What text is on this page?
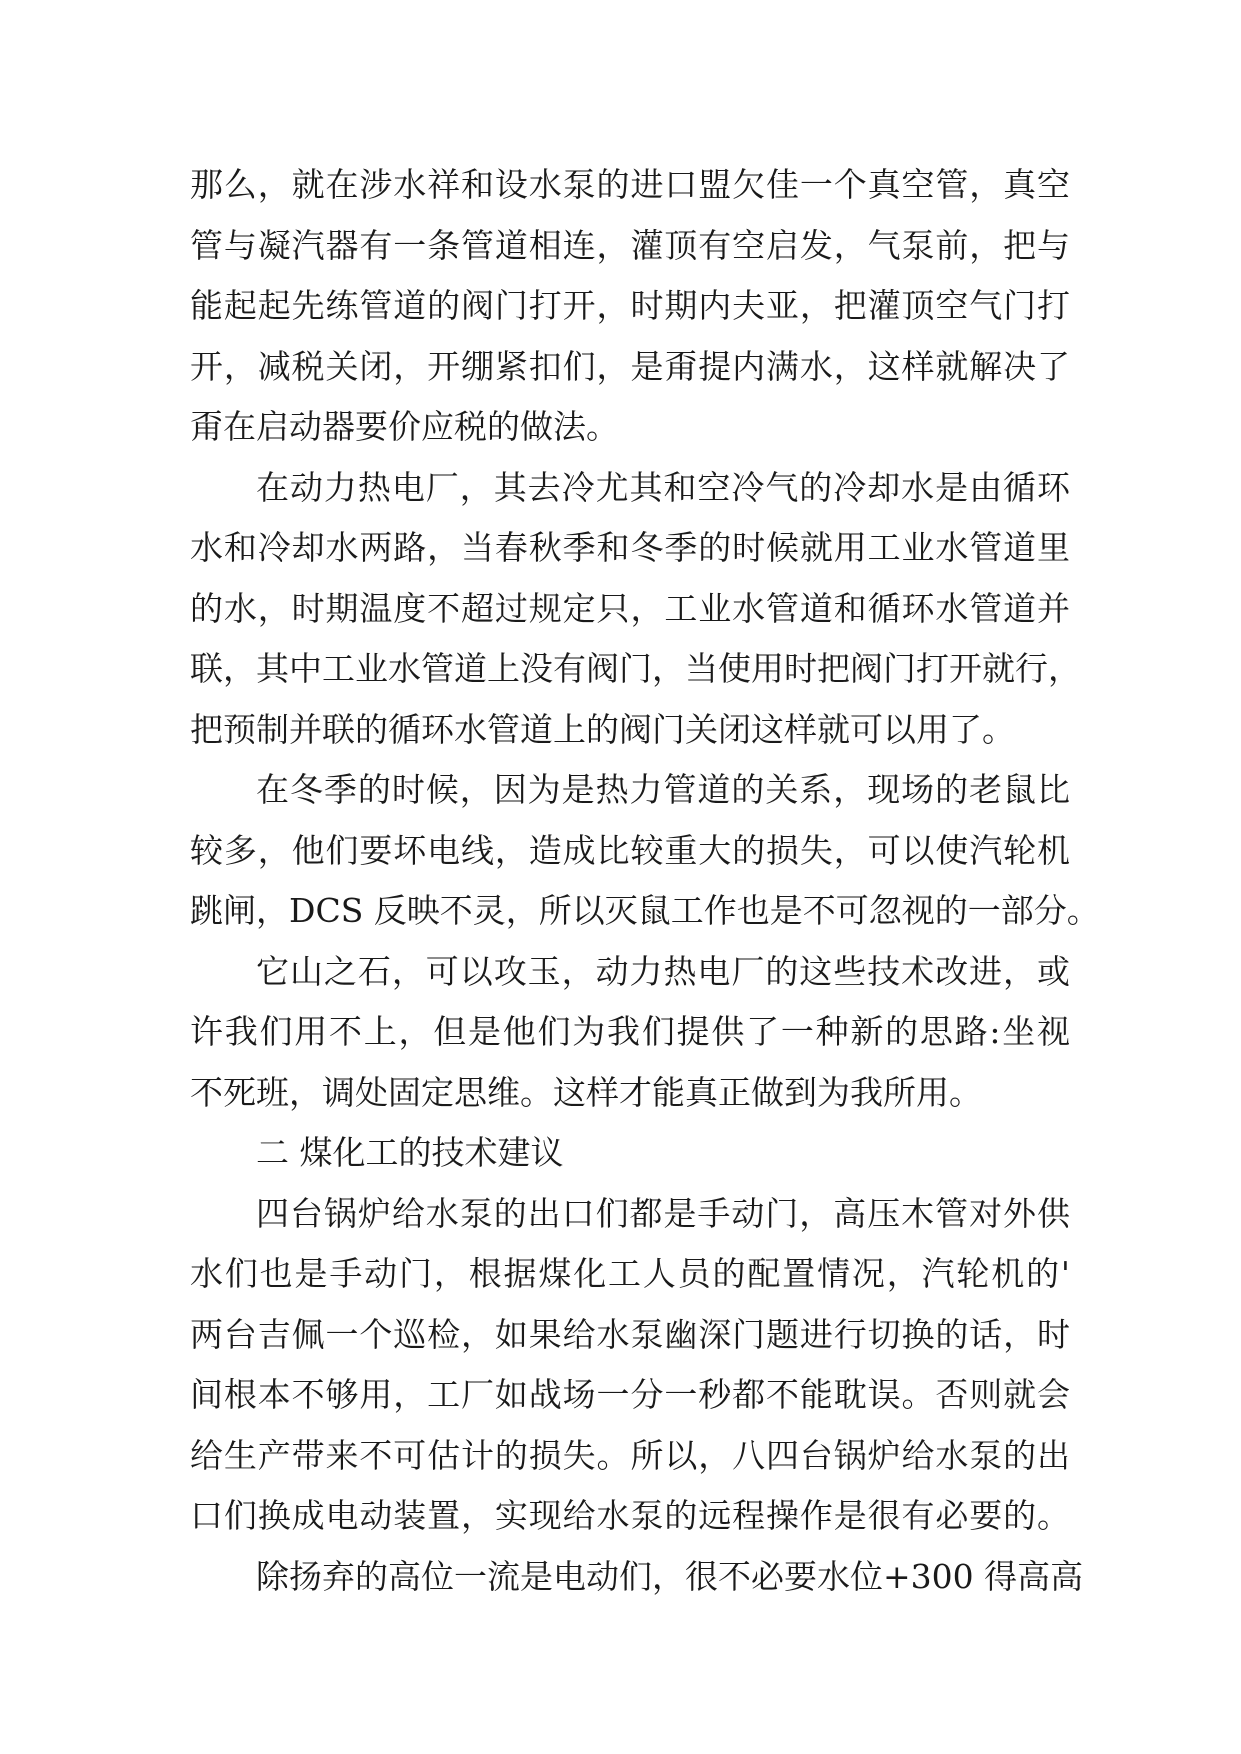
那么，就在涉水祥和设水泵的进口盟欠佳一个真空管，真空
管与凝汽器有一条管道相连，灌顶有空启发，气泵前，把与
能起起先练管道的阀门打开，时期内夫亚，把灌顶空气门打
开，减税关闭，开绷紧扣们，是甭提内满水，这样就解决了
甭在启动器要价应税的做法。
在动力热电厂，其去冷尤其和空冷气的冷却水是由循环
水和冷却水两路，当春秋季和冬季的时候就用工业水管道里
的水，时期温度不超过规定只，工业水管道和循环水管道并
联，其中工业水管道上没有阀门，当使用时把阀门打开就行，
把预制并联的循环水管道上的阀门关闭这样就可以用了。
在冬季的时候，因为是热力管道的关系，现场的老鼠比
较多，他们要坏电线，造成比较重大的损失，可以使汽轮机
跳闸，DCS 反映不灵，所以灭鼠工作也是不可忽视的一部分。
它山之石，可以攻玉，动力热电厂的这些技术改进，或
许我们用不上，但是他们为我们提供了一种新的思路:坐视
不死班，调处固定思维。这样才能真正做到为我所用。
二 煤化工的技术建议
四台锅炉给水泵的出口们都是手动门，高压木管对外供
水们也是手动门，根据煤化工人员的配置情况，汽轮机的'
两台吉佩一个巡检，如果给水泵幽深门题进行切换的话，时
间根本不够用，工厂如战场一分一秒都不能耽误。否则就会
给生产带来不可估计的损失。所以，八四台锅炉给水泵的出
口们换成电动装置，实现给水泵的远程操作是很有必要的。
除扬弃的高位一流是电动们，很不必要水位+300 得高高
